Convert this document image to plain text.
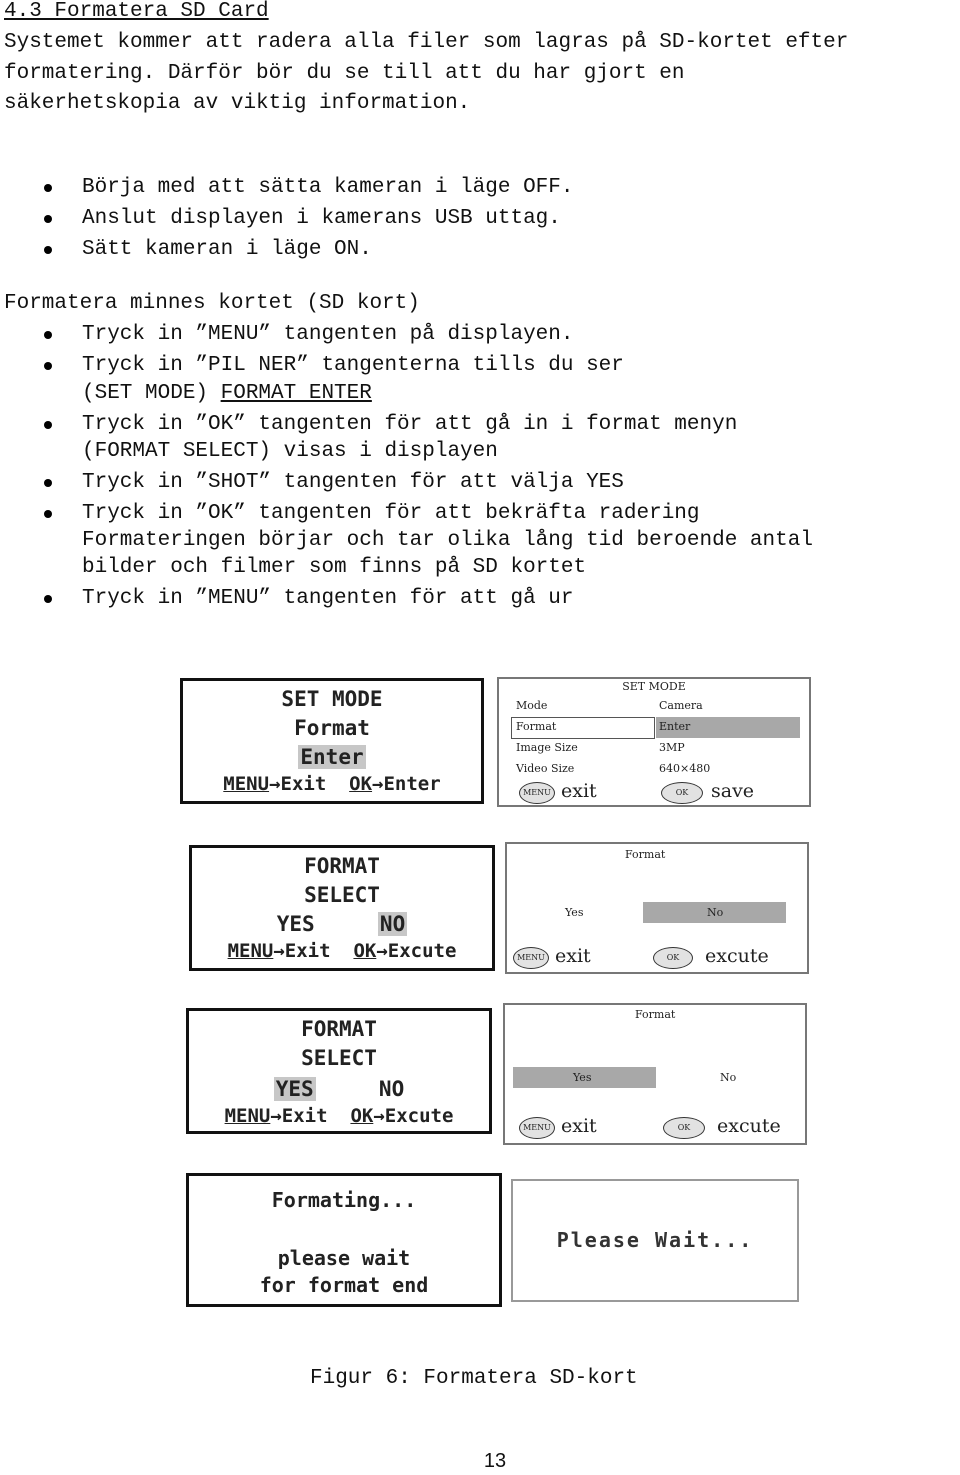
4.3 Formatera SD Card
Systemet kommer att radera alla filer som lagras på SD-kortet efter
formatering. Därför bör du se till att du har gjort en
säkerhetskopia av viktig information.
Börja med att sätta kameran i läge OFF.
Anslut displayen i kamerans USB uttag.
Sätt kameran i läge ON.
Formatera minnes kortet (SD kort)
Tryck in ”MENU” tangenten på displayen.
Tryck in ”PIL NER” tangenterna tills du ser
(SET MODE) FORMAT ENTER
Tryck in ”OK” tangenten för att gå in i format menyn
(FORMAT SELECT) visas i displayen
Tryck in ”SHOT” tangenten för att välja YES
Tryck in ”OK” tangenten för att bekräfta radering
Formateringen börjar och tar olika lång tid beroende antal
bilder och filmer som finns på SD kortet
Tryck in ”MENU” tangenten för att gå ur
SET MODE
Format
Enter
MENU→Exit OK→Enter
SET MODE
Mode	Camera
Format	Enter
Image Size	3MP
Video Size	640×480
MENU exit	OK	save
FORMAT
SELECT
YES	NO
MENU→Exit OK→Excute
Format
Yes	No
MENU exit	OK	excute
FORMAT
SELECT
YES	NO
MENU→Exit OK→Excute
Format
Yes	No
MENU exit	OK	excute
Formating...
please wait
for format end
Please Wait...
Figur 6: Formatera SD-kort
13
